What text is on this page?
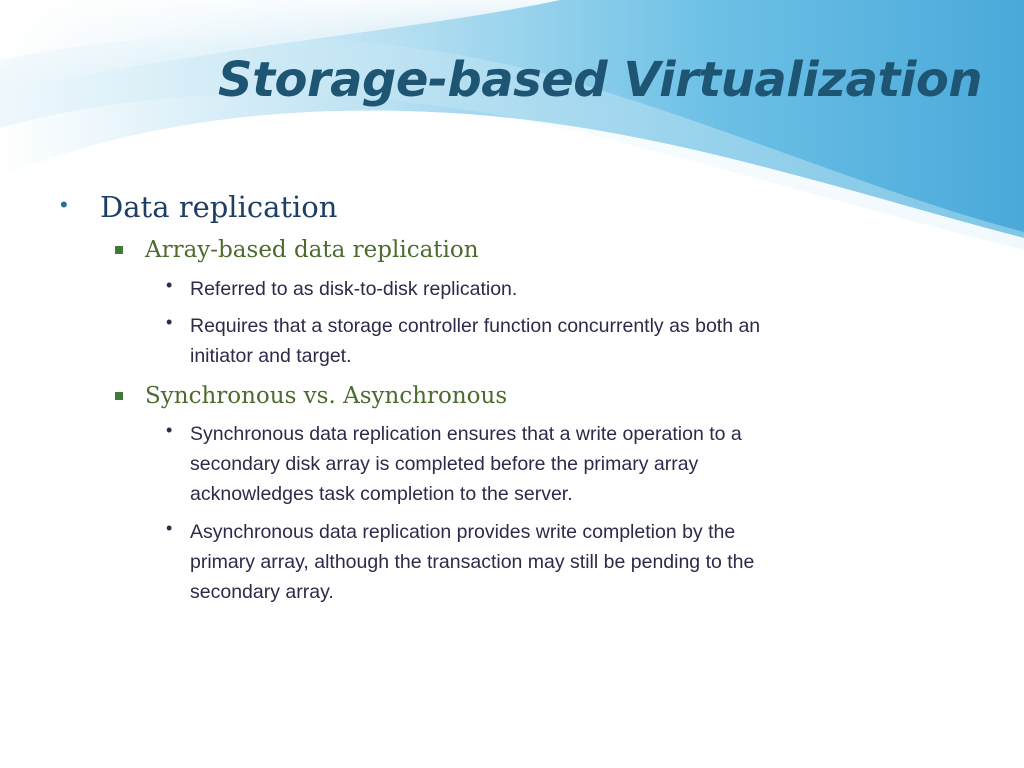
Storage-based Virtualization
• Data replication
Array-based data replication
• Referred to as disk-to-disk replication.
• Requires that a storage controller function concurrently as both an
initiator and target.
Synchronous vs. Asynchronous
• Synchronous data replication ensures that a write operation to a
secondary disk array is completed before the primary array
acknowledges task completion to the server.
• Asynchronous data replication provides write completion by the
primary array, although the transaction may still be pending to the
secondary array.
